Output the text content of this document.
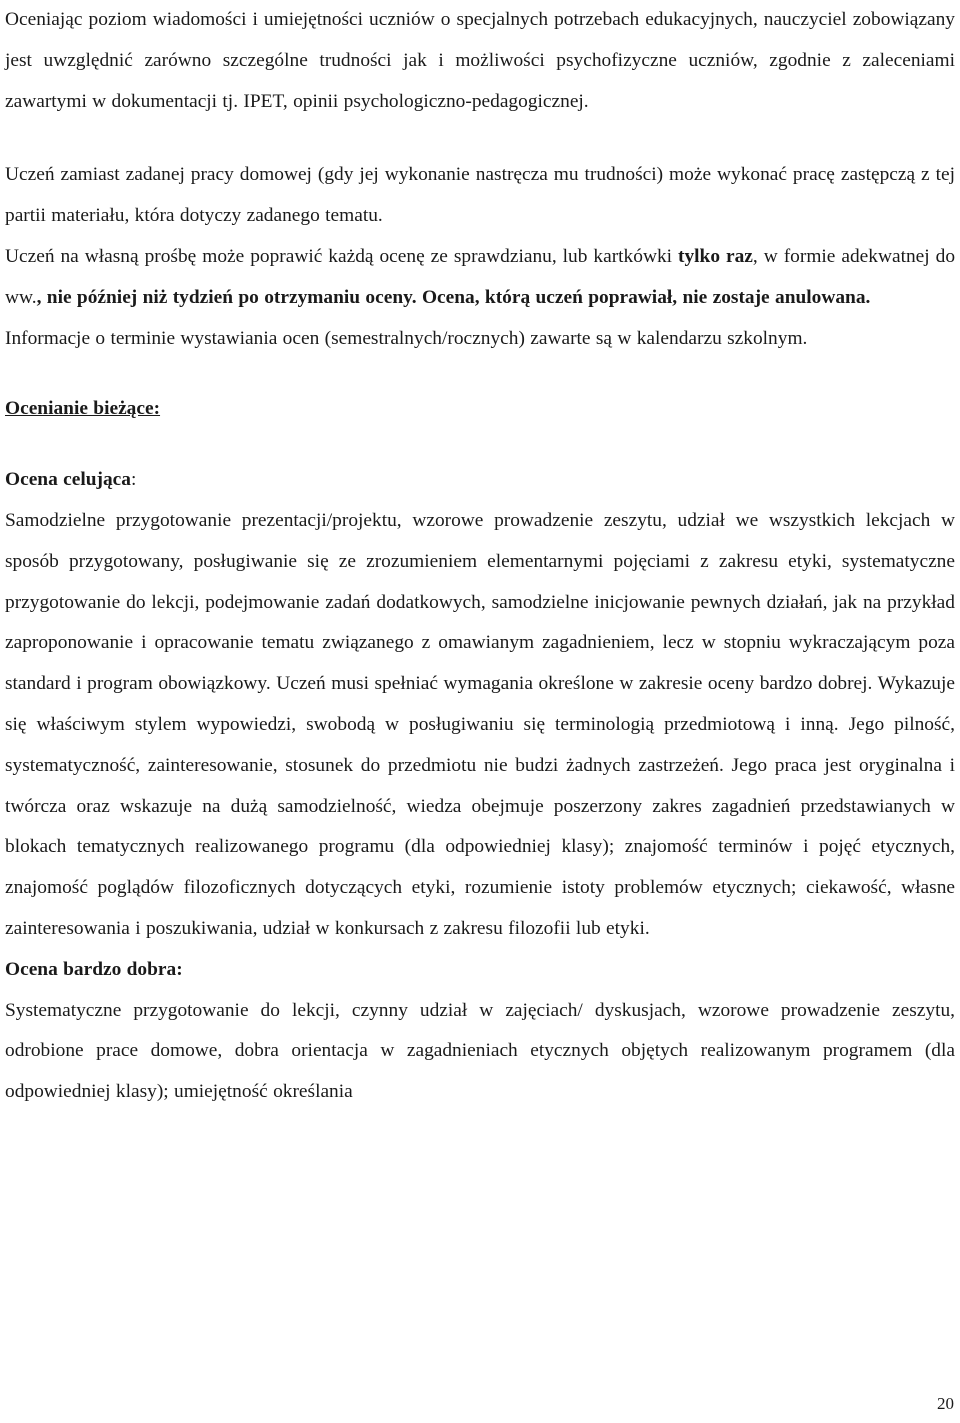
Oceniając poziom wiadomości i umiejętności uczniów o specjalnych potrzebach edukacyjnych, nauczyciel zobowiązany jest uwzględnić zarówno szczególne trudności jak i możliwości psychofizyczne uczniów, zgodnie z zaleceniami zawartymi w dokumentacji tj. IPET, opinii psychologiczno-pedagogicznej.

Uczeń zamiast zadanej pracy domowej (gdy jej wykonanie nastręcza mu trudności) może wykonać pracę zastępczą z tej partii materiału, która dotyczy zadanego tematu.

Uczeń na własną prośbę może poprawić każdą ocenę ze sprawdzianu, lub kartkówki tylko raz, w formie adekwatnej do ww., nie później niż tydzień po otrzymaniu oceny. Ocena, którą uczeń poprawiał, nie zostaje anulowana.

Informacje o terminie wystawiania ocen (semestralnych/rocznych) zawarte są w kalendarzu szkolnym.

Ocenianie bieżące:

Ocena celująca:

Samodzielne przygotowanie prezentacji/projektu, wzorowe prowadzenie zeszytu, udział we wszystkich lekcjach w sposób przygotowany, posługiwanie się ze zrozumieniem elementarnymi pojęciami z zakresu etyki, systematyczne przygotowanie do lekcji, podejmowanie zadań dodatkowych, samodzielne inicjowanie pewnych działań, jak na przykład zaproponowanie i opracowanie tematu związanego z omawianym zagadnieniem, lecz w stopniu wykraczającym poza standard i program obowiązkowy. Uczeń musi spełniać wymagania określone w zakresie oceny bardzo dobrej. Wykazuje się właściwym stylem wypowiedzi, swobodą w posługiwaniu się terminologią przedmiotową i inną. Jego pilność, systematyczność, zainteresowanie, stosunek do przedmiotu nie budzi żadnych zastrzeżeń. Jego praca jest oryginalna i twórcza oraz wskazuje na dużą samodzielność, wiedza obejmuje poszerzony zakres zagadnień przedstawianych w blokach tematycznych realizowanego programu (dla odpowiedniej klasy); znajomość terminów i pojęć etycznych, znajomość poglądów filozoficznych dotyczących etyki, rozumienie istoty problemów etycznych; ciekawość, własne zainteresowania i poszukiwania, udział w konkursach z zakresu filozofii lub etyki.

Ocena bardzo dobra:

Systematyczne przygotowanie do lekcji, czynny udział w zajęciach/ dyskusjach, wzorowe prowadzenie zeszytu, odrobione prace domowe, dobra orientacja w zagadnieniach etycznych objętych realizowanym programem (dla odpowiedniej klasy); umiejętność określania

20
